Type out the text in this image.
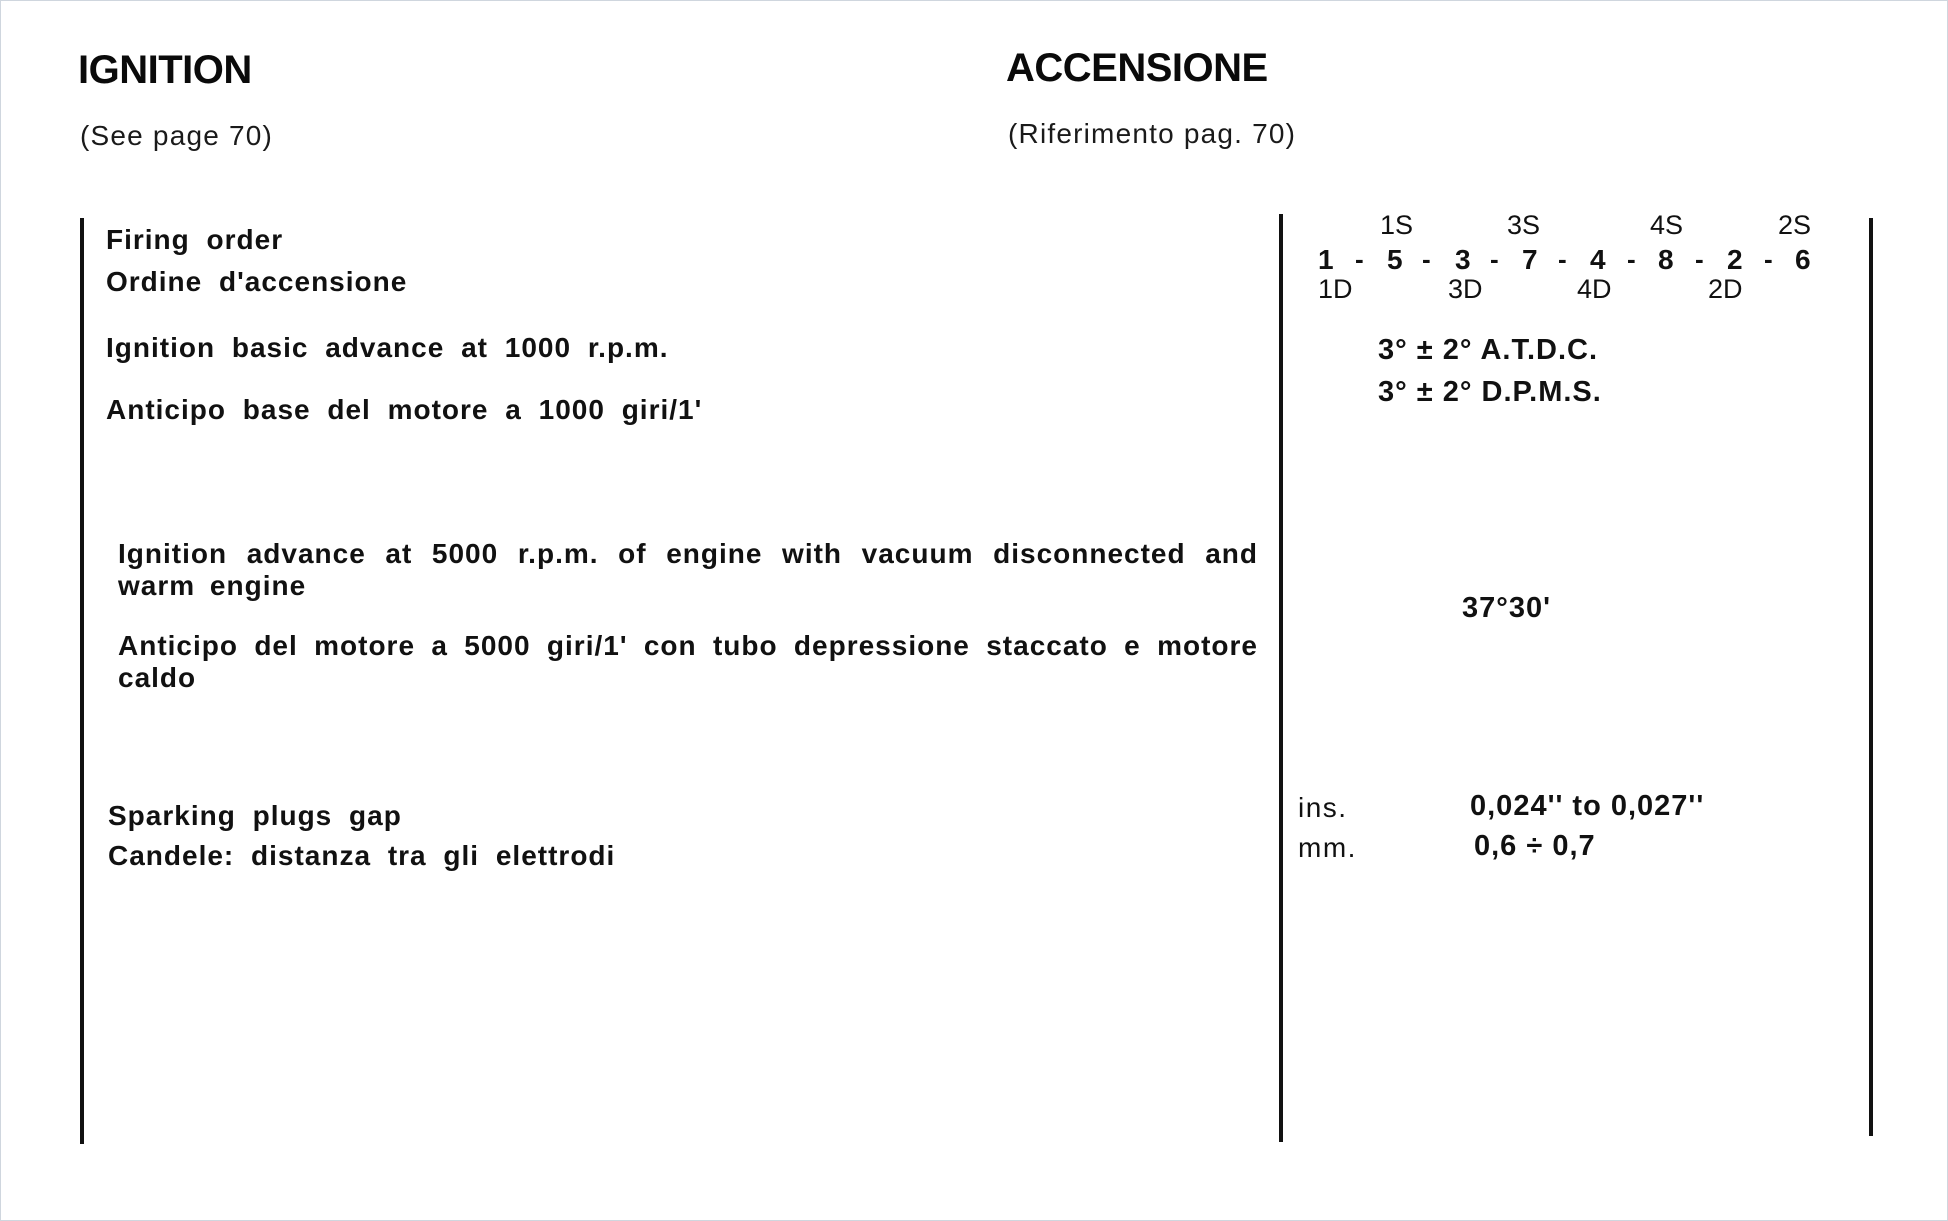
IGNITION
(See page 70)
ACCENSIONE
(Riferimento pag. 70)
Firing order
Ordine d'accensione
1S	3S	4S	2S
1 - 5 - 3 - 7 - 4 - 8 - 2 - 6
1D	3D	4D	2D
Ignition basic advance at 1000 r.p.m.
Anticipo base del motore a 1000 giri/1'
3° ± 2° A.T.D.C.
3° ± 2° D.P.M.S.
Ignition advance at 5000 r.p.m. of engine with vacuum disconnected and warm engine
Anticipo del motore a 5000 giri/1' con tubo depressione staccato e motore caldo
37°30'
Sparking plugs gap
Candele: distanza tra gli elettrodi
ins.	0,024'' to 0,027''
mm.	0,6 ÷ 0,7
